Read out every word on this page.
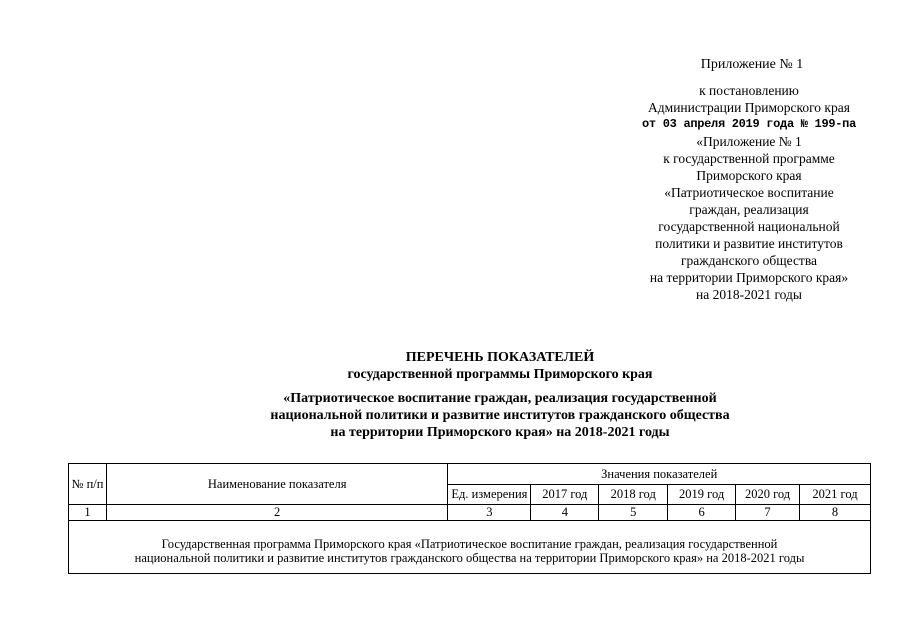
Приложение № 1
к постановлению
Администрации Приморского края
от 03 апреля 2019 года № 199-па
«Приложение № 1
к государственной программе
Приморского края
«Патриотическое воспитание
граждан, реализация
государственной национальной
политики и развитие институтов
гражданского общества
на территории Приморского края»
на 2018-2021 годы
ПЕРЕЧЕНЬ ПОКАЗАТЕЛЕЙ
государственной программы Приморского края
«Патриотическое воспитание граждан, реализация государственной
национальной политики и развитие институтов гражданского общества
на территории Приморского края» на 2018-2021 годы
№ п/п	Наименование показателя	Значения показателей					
		Ед. измерения	2017 год	2018 год	2019 год	2020 год	2021 год
1	2	3	4	5	6	7	8

Государственная программа Приморского края «Патриотическое воспитание граждан, реализация государственной
национальной политики и развитие институтов гражданского общества на территории Приморского края» на 2018-2021 годы							
